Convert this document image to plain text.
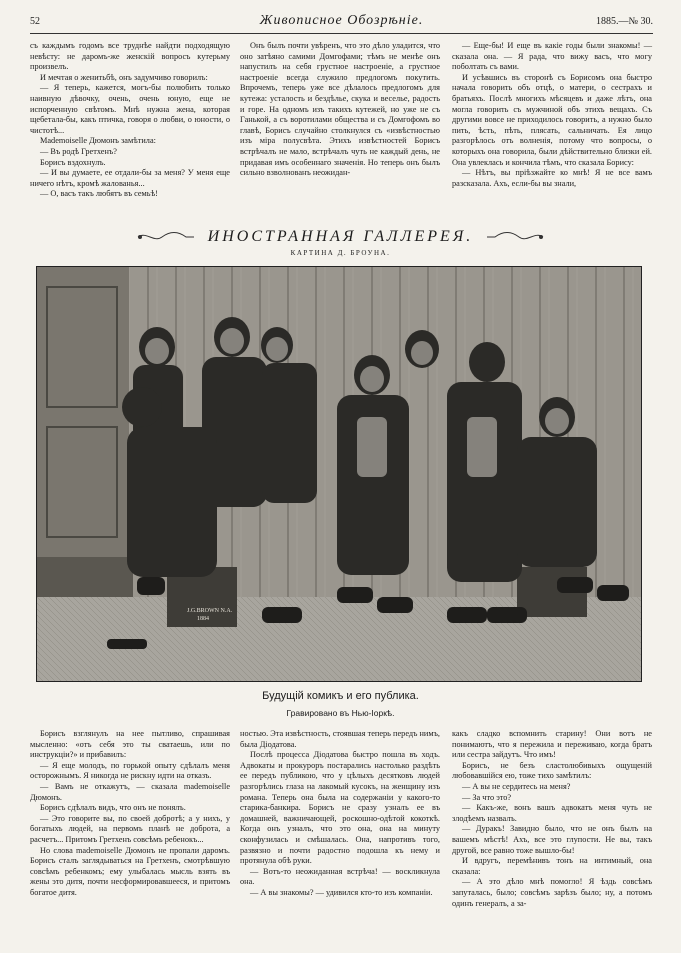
52	Живописное Обозрѣніе.	1885.—№ 30.

съ каждымъ годомъ все труднѣе найдти подходящую невѣсту: не даромъ-же женскій вопросъ кутерьму произвелъ.

И мечтая о женитьбѣ, онъ задумчиво говорилъ:

— Я теперь, кажется, могъ-бы полюбить только наивную дѣвочку, очень, очень юную, еще не испорченную свѣтомъ. Мнѣ нужна жена, которая щебетала-бы, какъ птичка, говоря о любви, о юности, о чистотѣ...

Mademoiselle Дюмонъ замѣтила:

— Въ родѣ Гретхенъ?

Борисъ вздохнулъ.

— И вы думаете, ее отдали-бы за меня? У меня еще ничего нѣтъ, кромѣ жалованья...

— О, васъ такъ любятъ въ семьѣ!

Онъ былъ почти увѣренъ, что это дѣло уладится, что оно затѣяно самими Домгофами; тѣмъ не менѣе онъ напустилъ на себя грустное настроеніе, а грустное настроеніе всегда служило предлогомъ покутить. Впрочемъ, теперь уже все дѣлалось предлогомъ для кутежа: усталость и бездѣлье, скука и веселье, радость и горе. На одномъ изъ такихъ кутежей, но уже не съ Ганькой, а съ воротилами общества и съ Домгофомъ во главѣ, Борисъ случайно столкнулся съ «извѣстностью изъ міра полусвѣта. Этихъ извѣстностей Борисъ встрѣчалъ не мало, встрѣчалъ чуть не каждый день, не придавая имъ особеннаго значенія. Но теперь онъ былъ сильно взволнованъ неожидан-

— Еще-бы! И еще въ какіе годы были знакомы! — сказала она. — Я рада, что вижу васъ, что могу поболтать съ вами.

И усѣвшись въ сторонѣ съ Борисомъ она быстро начала говорить объ отцѣ, о матери, о сестрахъ и братьяхъ. Послѣ многихъ мѣсяцевъ и даже лѣтъ, она могла говорить съ мужчиной объ этихъ вещахъ. Съ другими вовсе не приходилось говорить, а нужно было пить, ѣсть, пѣть, плясать, сальничать. Ея лицо разгорѣлось отъ волненія, потому что вопросы, о которыхъ она говорила, были дѣйствительно близки ей. Она увлеклась и кончила тѣмъ, что сказала Борису:

— Нѣтъ, вы пріѣзжайте ко мнѣ! Я не все вамъ разсказала. Ахъ, если-бы вы знали,

ИНОСТРАННАЯ ГАЛЛЕРЕЯ.
КАРТИНА Д. БРОУНА.
J.G.BROWN N.A.
1884
Будущій комикъ и его публика.
Гравировано въ Нью-Іоркѣ.

Борисъ взглянулъ на нее пытливо, спрашивая мысленно: «отъ себя это ты сватаешь, или по инструкціи?» и прибавилъ:

— Я еще молодъ, по горькой опыту сдѣлалъ меня осторожнымъ. Я никогда не рискну идти на отказъ.

— Вамъ не откажутъ, — сказала mademoiselle Дюмонъ.

Борисъ сдѣлалъ видъ, что онъ не понялъ.

— Это говорите вы, по своей добротѣ; а у нихъ, у богатыхъ людей, на первомъ планѣ не доброта, а расчетъ... Притомъ Гретхенъ совсѣмъ ребенокъ...

Но слова mademoiselle Дюмонъ не пропали даромъ. Борисъ сталъ заглядываться на Гретхенъ, смотрѣвшую совсѣмъ ребенкомъ; ему улыбалась мысль взять въ жены это дитя, почти несформировавшееся, и притомъ богатое дитя.

ностью. Эта извѣстность, стоявшая теперь передъ нимъ, была Діодатова.

Послѣ процесса Діодатова быстро пошла въ ходъ. Адвокаты и прокуроръ постарались настолько раздѣть ее передъ публикою, что у цѣлыхъ десятковъ людей разгорѣлись глаза на лакомый кусокъ, на женщину изъ романа. Теперь она была на содержаніи у какого-то старика-банкира. Борисъ не сразу узналъ ее въ домашней, важничающей, роскошно-одѣтой кокоткѣ. Когда онъ узналъ, что это она, она на минуту сконфузилась и смѣшалась. Она, напротивъ того, развязно и почти радостно подошла къ нему и протянула обѣ руки.

— Вотъ-то неожиданная встрѣча! — воскликнула она.

— А вы знакомы? — удивился кто-то изъ компаніи.

какъ сладко вспомнить старину! Они вотъ не понимаютъ, что я пережила и переживаю, когда братъ или сестра зайдутъ. Что имъ!

Борисъ, не безъ сластолюбивыхъ ощущеній любовавшійся ею, тоже тихо замѣтилъ:

— А вы не сердитесь на меня?

— За что это?

— Какъ-же, вонъ вашъ адвокатъ меня чуть не злодѣемъ назвалъ.

— Дуракъ! Завидно было, что не онъ былъ на вашемъ мѣстѣ! Ахъ, все это глупости. Не вы, такъ другой, все равно тоже вышло-бы!

И вдругъ, перемѣнивъ тонъ на интимный, она сказала:

— А это дѣло мнѣ помогло! Я ѣздь совсѣмъ запуталась, было; совсѣмъ зарѣзъ было; ну, а потомъ одинъ генералъ, а за-
